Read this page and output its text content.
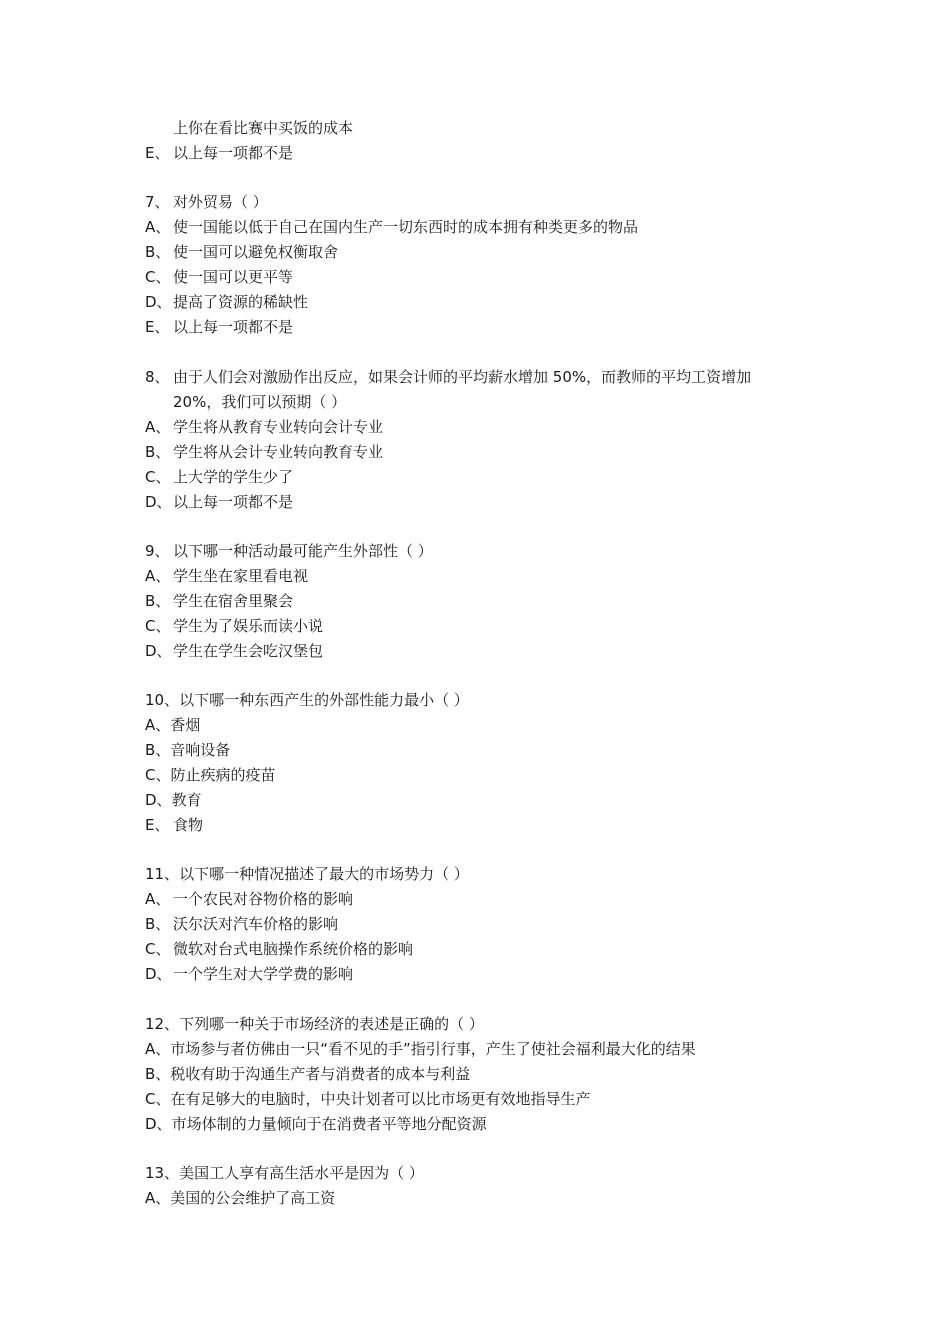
上你在看比赛中买饭的成本
E、 以上每一项都不是
7、 对外贸易（ ）
A、 使一国能以低于自己在国内生产一切东西时的成本拥有种类更多的物品
B、 使一国可以避免权衡取舍
C、 使一国可以更平等
D、提高了资源的稀缺性
E、 以上每一项都不是
8、 由于人们会对激励作出反应，如果会计师的平均薪水增加 50%，而教师的平均工资增加
20%，我们可以预期（ ）
A、 学生将从教育专业转向会计专业
B、 学生将从会计专业转向教育专业
C、 上大学的学生少了
D、以上每一项都不是
9、 以下哪一种活动最可能产生外部性（ ）
A、 学生坐在家里看电视
B、 学生在宿舍里聚会
C、 学生为了娱乐而读小说
D、学生在学生会吃汉堡包
10、以下哪一种东西产生的外部性能力最小（ ）
A、香烟
B、音响设备
C、防止疾病的疫苗
D、教育
E、 食物
11、以下哪一种情况描述了最大的市场势力（ ）
A、 一个农民对谷物价格的影响
B、 沃尔沃对汽车价格的影响
C、 微软对台式电脑操作系统价格的影响
D、一个学生对大学学费的影响
12、下列哪一种关于市场经济的表述是正确的（ ）
A、市场参与者仿佛由一只“看不见的手”指引行事，产生了使社会福利最大化的结果
B、税收有助于沟通生产者与消费者的成本与利益
C、在有足够大的电脑时，中央计划者可以比市场更有效地指导生产
D、市场体制的力量倾向于在消费者平等地分配资源
13、美国工人享有高生活水平是因为（ ）
A、美国的公会维护了高工资
